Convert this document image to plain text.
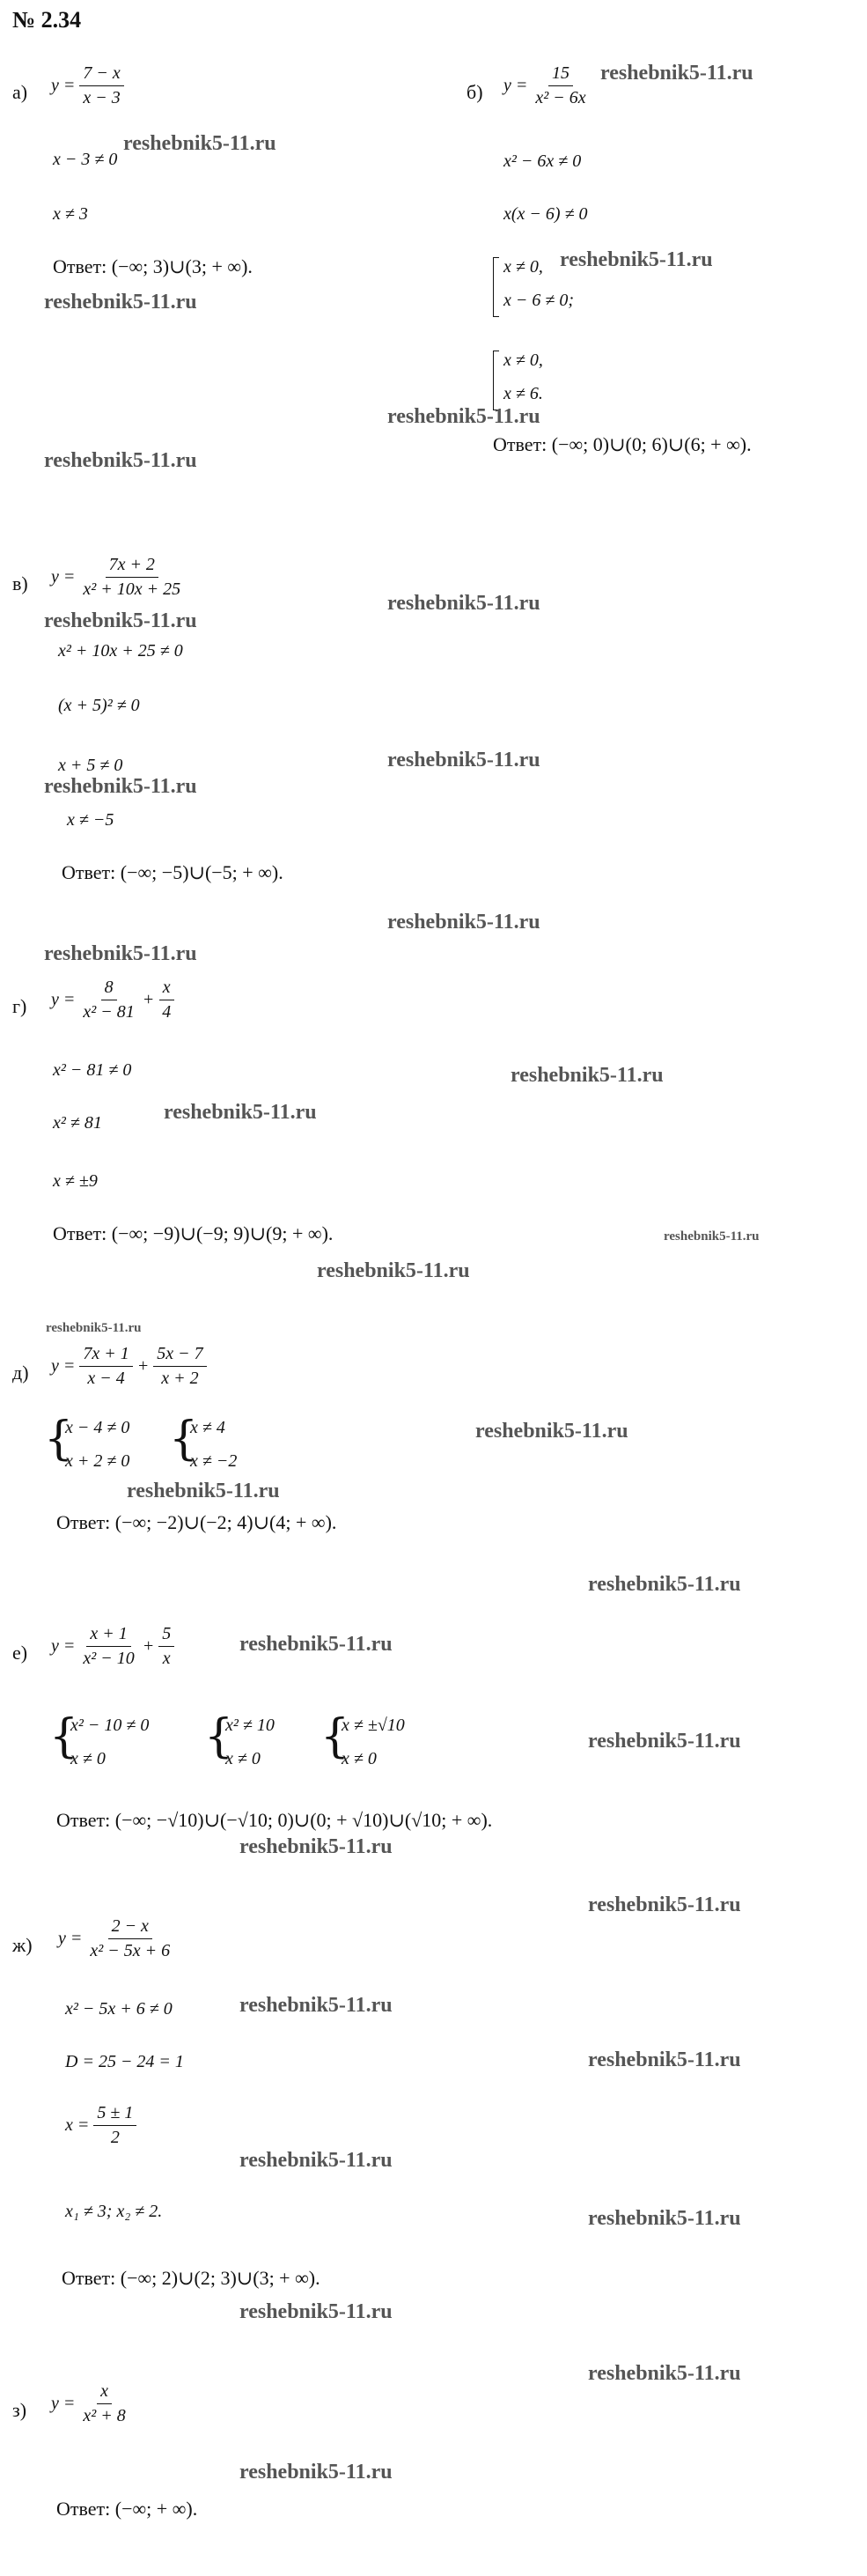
№ 2.34
а) $y = \frac{7 - x}{x - 3}$
x − 3 ≠ 0
x ≠ 3
Ответ: (−∞; 3)∪(3; + ∞).
б) $y = \frac{15}{\text{x² − 6x}}$
x² − 6x ≠ 0
x(x − 6) ≠ 0
x ≠ 0,
x − 6 ≠ 0;
x ≠ 0,
x ≠ 6.
Ответ: (−∞; 0)∪(0; 6)∪(6; + ∞).
в) $y = \frac{7x + 2}{\text{x² + 10x + 25}}$
x² + 10x + 25 ≠ 0
(x + 5)² ≠ 0
x + 5 ≠ 0
x ≠ −5
Ответ: (−∞; −5)∪(−5; + ∞).
г) $y = \frac{8}{\text{x² − 81}} + \frac{x}{4}$
x² − 81 ≠ 0
x² ≠ 81
x ≠ ±9
Ответ: (−∞; −9)∪(−9; 9)∪(9; + ∞).
д) $y = \frac{7x + 1}{x - 4} + \frac{5x - 7}{x + 2}$
{
x − 4 ≠ 0
x + 2 ≠ 0 {
x ≠ 4
x ≠ −2
Ответ: (−∞; −2)∪(−2; 4)∪(4; + ∞).
е) $y = \frac{x + 1}{\text{x² − 10}} + \frac{5}{x}$
{
x² − 10 ≠ 0
x ≠ 0 {
x² ≠ 10
x ≠ 0 {
x ≠ ±√10
x ≠ 0
Ответ: (−∞; −√10)∪(−√10; 0)∪(0; + √10)∪(√10; + ∞).
ж) $y = \frac{2 - x}{\text{x² − 5x + 6}}$
x² − 5x + 6 ≠ 0
D = 25 − 24 = 1
$x = \frac{5 \pm 1}{2}$
x₁ ≠ 3; x₂ ≠ 2.
Ответ: (−∞; 2)∪(2; 3)∪(3; + ∞).
з) $y = \frac{x}{\text{x² + 8}}$
Ответ: (−∞; + ∞).
reshebnik5-11.ru
reshebnik5-11.ru
reshebnik5-11.ru
reshebnik5-11.ru
reshebnik5-11.ru
reshebnik5-11.ru
reshebnik5-11.ru
reshebnik5-11.ru
reshebnik5-11.ru
reshebnik5-11.ru
reshebnik5-11.ru
reshebnik5-11.ru
reshebnik5-11.ru
reshebnik5-11.ru
reshebnik5-11.ru
reshebnik5-11.ru
reshebnik5-11.ru
reshebnik5-11.ru
reshebnik5-11.ru
reshebnik5-11.ru
reshebnik5-11.ru
reshebnik5-11.ru
reshebnik5-11.ru
reshebnik5-11.ru
reshebnik5-11.ru
reshebnik5-11.ru
reshebnik5-11.ru
reshebnik5-11.ru
reshebnik5-11.ru
reshebnik5-11.ru
reshebnik5-11.ru
